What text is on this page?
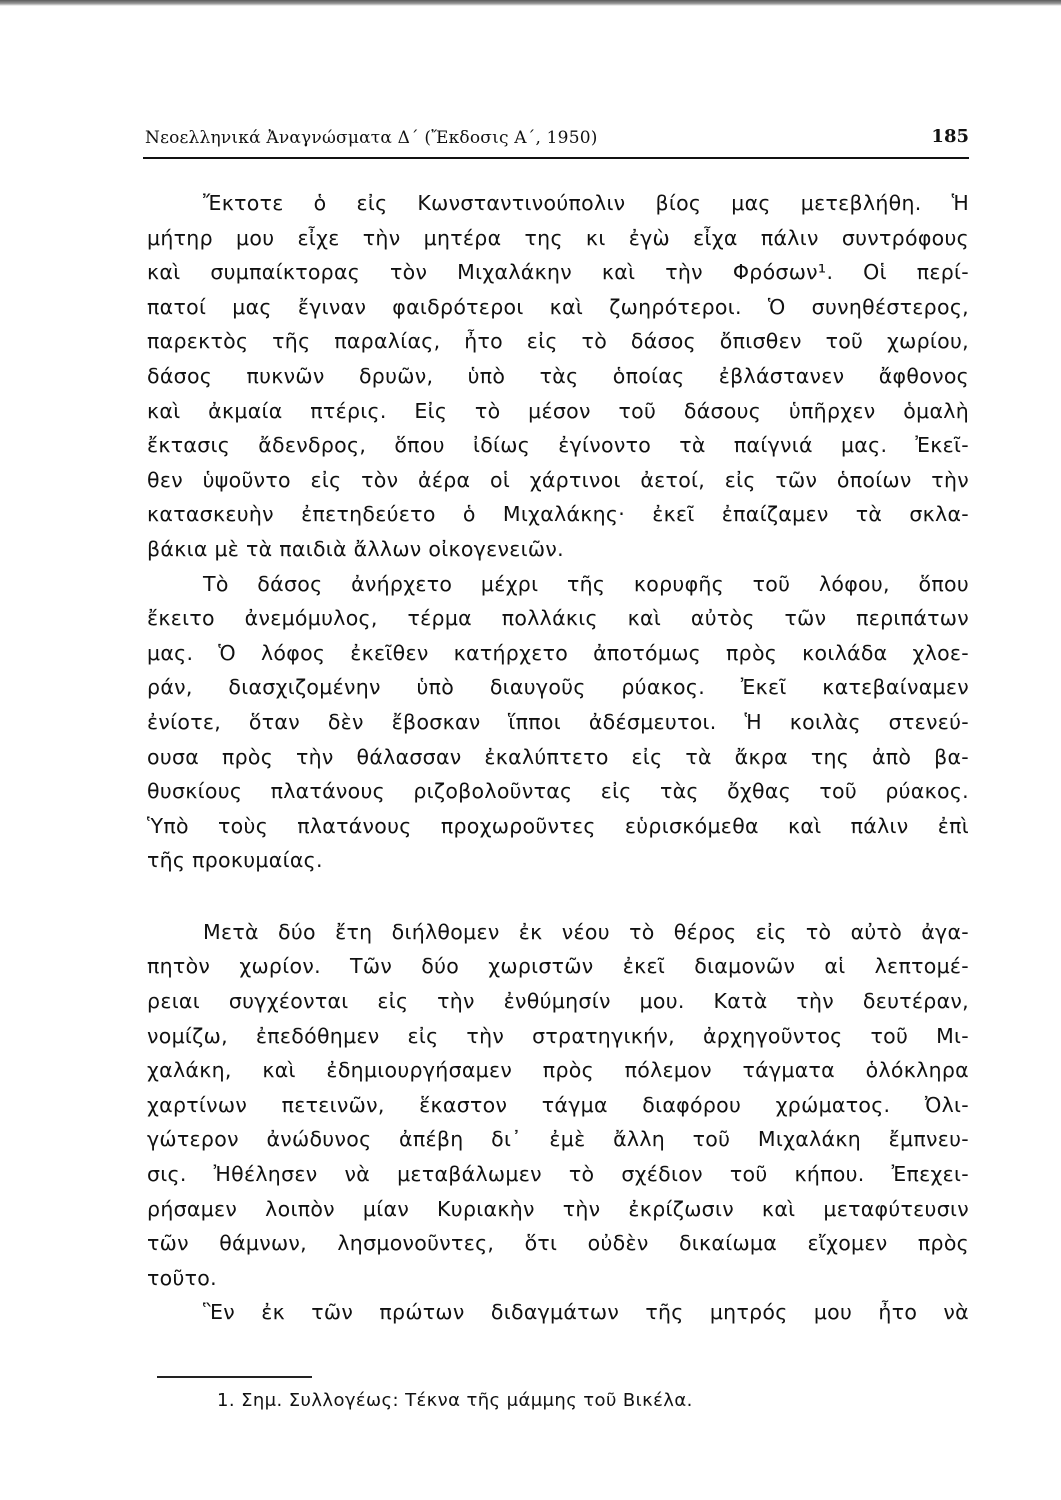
Νεοελληνικά Ἀναγνώσματα Δ΄ (Ἔκδοσις Α΄, 1950)	185
Ἔκτοτε ὁ εἰς Κωνσταντινούπολιν βίος μας μετεβλήθη. Ἡ
μήτηρ μου εἶχε τὴν μητέρα της κι ἐγὼ εἶχα πάλιν συντρόφους
καὶ συμπαίκτορας τὸν Μιχαλάκην καὶ τὴν Φρόσων¹. Οἱ περί-
πατοί μας ἔγιναν φαιδρότεροι καὶ ζωηρότεροι. Ὁ συνηθέστερος,
παρεκτὸς τῆς παραλίας, ἦτο εἰς τὸ δάσος ὄπισθεν τοῦ χωρίου,
δάσος πυκνῶν δρυῶν, ὑπὸ τὰς ὁποίας ἐβλάστανεν ἄφθονος
καὶ ἀκμαία πτέρις. Εἰς τὸ μέσον τοῦ δάσους ὑπῆρχεν ὁμαλὴ
ἔκτασις ἄδενδρος, ὅπου ἰδίως ἐγίνοντο τὰ παίγνιά μας. Ἐκεῖ-
θεν ὑψοῦντο εἰς τὸν ἀέρα οἱ χάρτινοι ἀετοί, εἰς τῶν ὁποίων τὴν
κατασκευὴν ἐπετηδεύετο ὁ Μιχαλάκης· ἐκεῖ ἐπαίζαμεν τὰ σκλα-
βάκια μὲ τὰ παιδιὰ ἄλλων οἰκογενειῶν.
Τὸ δάσος ἀνήρχετο μέχρι τῆς κορυφῆς τοῦ λόφου, ὅπου
ἔκειτο ἀνεμόμυλος, τέρμα πολλάκις καὶ αὐτὸς τῶν περιπάτων
μας. Ὁ λόφος ἐκεῖθεν κατήρχετο ἀποτόμως πρὸς κοιλάδα χλοε-
ράν, διασχιζομένην ὑπὸ διαυγοῦς ρύακος. Ἐκεῖ κατεβαίναμεν
ἐνίοτε, ὅταν δὲν ἔβοσκαν ἵπποι ἀδέσμευτοι. Ἡ κοιλὰς στενεύ-
ουσα πρὸς τὴν θάλασσαν ἐκαλύπτετο εἰς τὰ ἄκρα της ἀπὸ βα-
θυσκίους πλατάνους ριζοβολοῦντας εἰς τὰς ὄχθας τοῦ ρύακος.
Ὑπὸ τοὺς πλατάνους προχωροῦντες εὑρισκόμεθα καὶ πάλιν ἐπὶ
τῆς προκυμαίας.
Μετὰ δύο ἔτη διήλθομεν ἐκ νέου τὸ θέρος εἰς τὸ αὐτὸ ἀγα-
πητὸν χωρίον. Τῶν δύο χωριστῶν ἐκεῖ διαμονῶν αἱ λεπτομέ-
ρειαι συγχέονται εἰς τὴν ἐνθύμησίν μου. Κατὰ τὴν δευτέραν,
νομίζω, ἐπεδόθημεν εἰς τὴν στρατηγικήν, ἀρχηγοῦντος τοῦ Μι-
χαλάκη, καὶ ἐδημιουργήσαμεν πρὸς πόλεμον τάγματα ὁλόκληρα
χαρτίνων πετεινῶν, ἕκαστον τάγμα διαφόρου χρώματος. Ὀλι-
γώτερον ἀνώδυνος ἀπέβη δι᾽ ἐμὲ ἄλλη τοῦ Μιχαλάκη ἔμπνευ-
σις. Ἠθέλησεν νὰ μεταβάλωμεν τὸ σχέδιον τοῦ κήπου. Ἐπεχει-
ρήσαμεν λοιπὸν μίαν Κυριακὴν τὴν ἐκρίζωσιν καὶ μεταφύτευσιν
τῶν θάμνων, λησμονοῦντες, ὅτι οὐδὲν δικαίωμα εἴχομεν πρὸς
τοῦτο.
Ἓν ἐκ τῶν πρώτων διδαγμάτων τῆς μητρός μου ἦτο νὰ
1. Σημ. Συλλογέως: Τέκνα τῆς μάμμης τοῦ Βικέλα.
